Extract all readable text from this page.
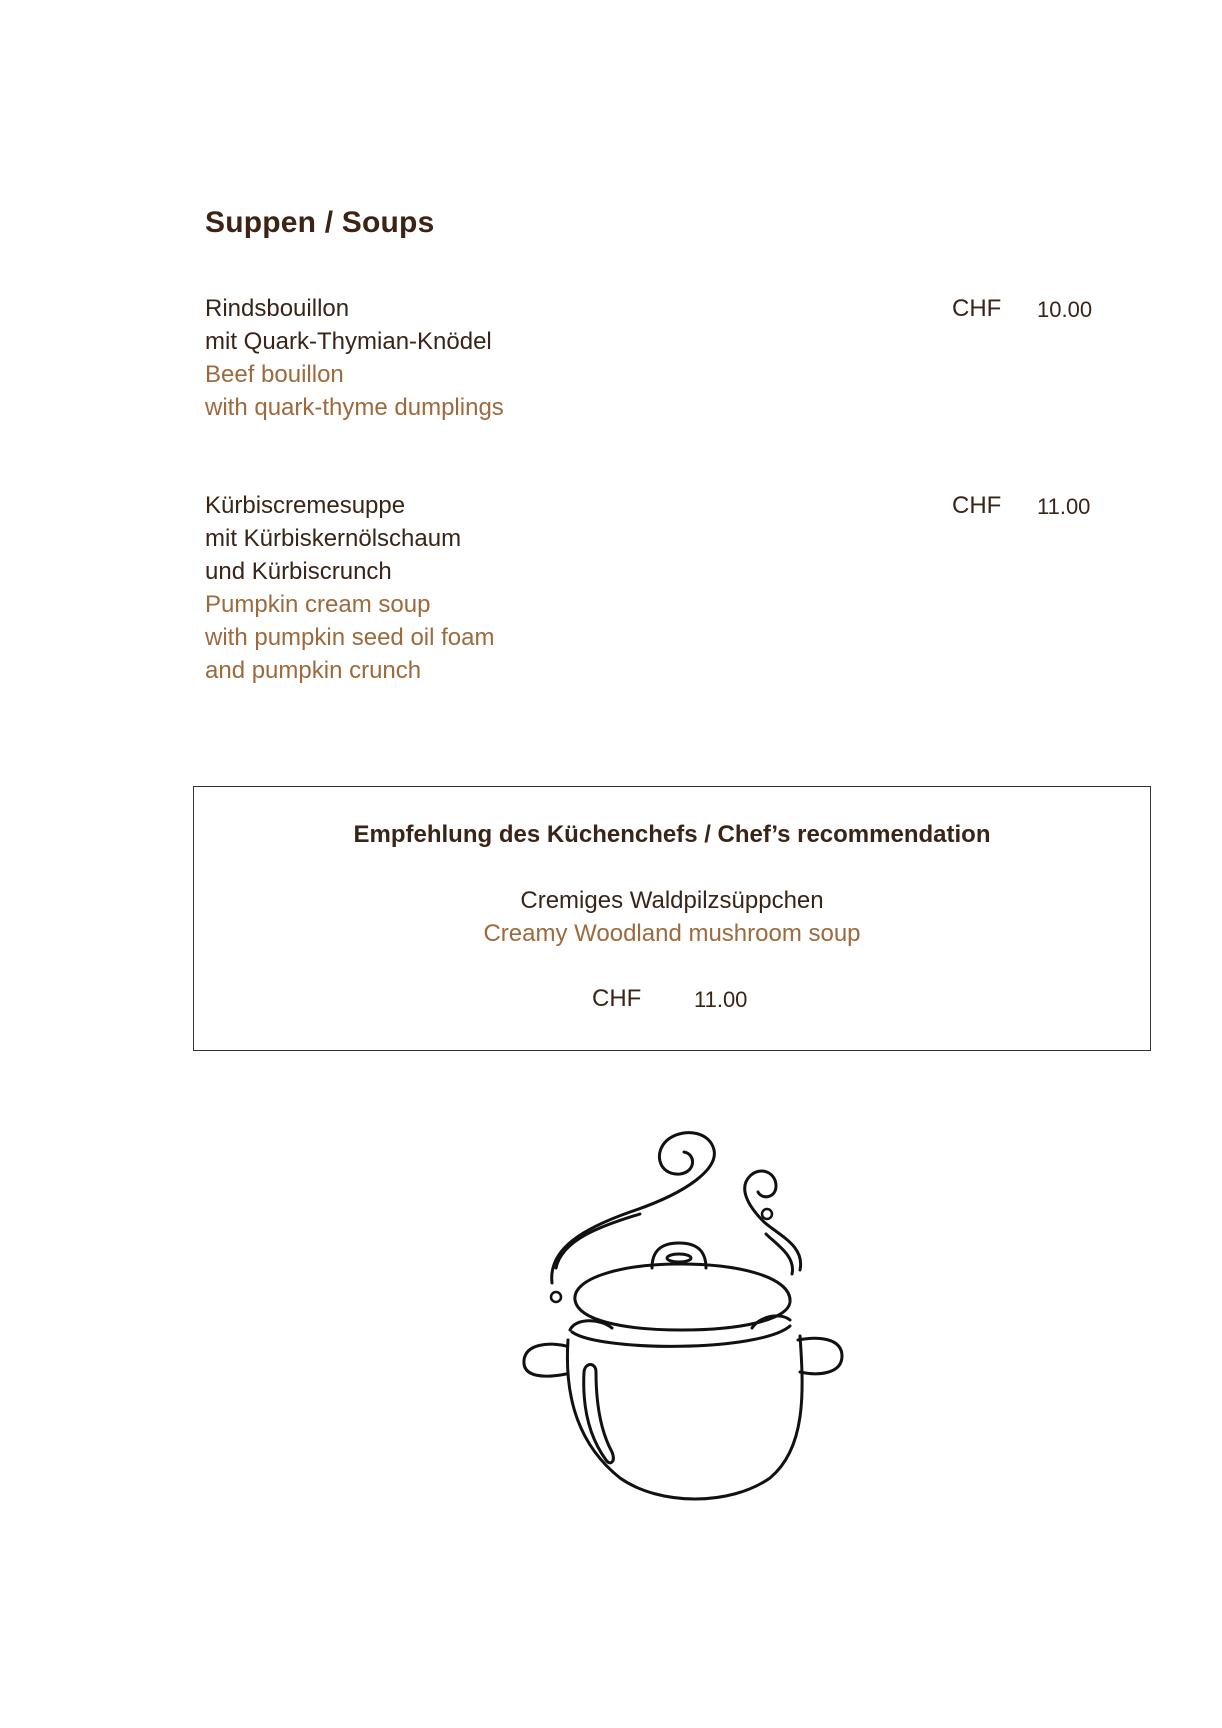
Suppen / Soups
Rindsbouillon
mit Quark-Thymian-Knödel
Beef bouillon
with quark-thyme dumplings
CHF 10.00
Kürbiscremesuppe
mit Kürbiskernölschaum
und Kürbiscrunch
Pumpkin cream soup
with pumpkin seed oil foam
and pumpkin crunch
CHF 11.00
Empfehlung des Küchenchefs / Chef’s recommendation
Cremiges Waldpilzsüppchen
Creamy Woodland mushroom soup
CHF 11.00
